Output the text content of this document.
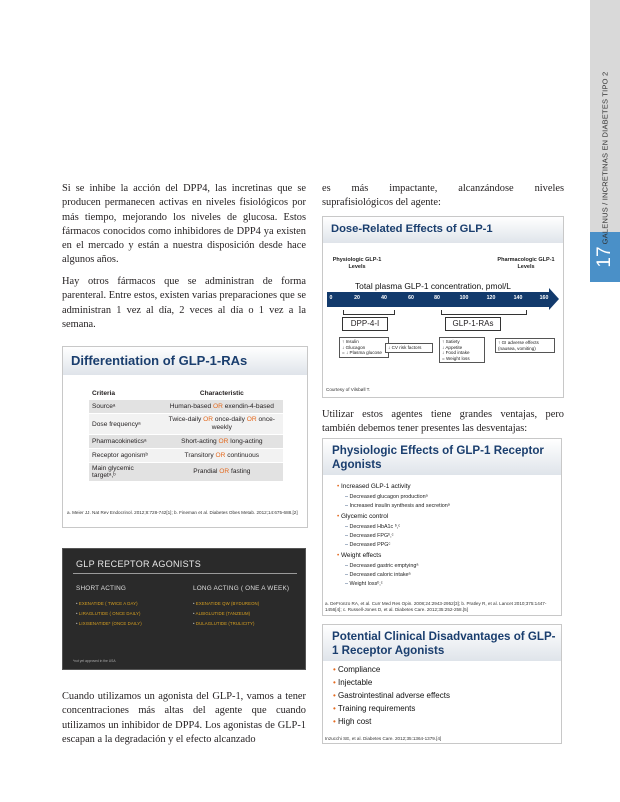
GALENUS / INCRETINAS EN DIABETES TIPO 2
17

Si se inhibe la acción del DPP4, las incretinas que se producen permanecen activas en niveles fisiológicos por más tiempo, mejorando los niveles de glucosa. Estos fármacos conocidos como inhibidores de DPP4 ya existen en el mercado y están a nuestra disposición desde hace algunos años.

Hay otros fármacos que se administran de forma parenteral. Entre estos, existen varias preparaciones que se administran 1 vez al día, 2 veces al día o 1 vez a la semana.

Cuando utilizamos un agonista del GLP-1, vamos a tener concentraciones más altas del agente que cuando utilizamos un inhibidor de DPP4. Los agonistas de GLP-1 escapan a la degradación y el efecto alcanzado

es más impactante, alcanzándose niveles suprafisiológicos del agente:

Utilizar estos agentes tiene grandes ventajas, pero también debemos tener presentes las desventajas:

Differentiation of GLP-1-RAs
Criteria	Characteristic
Sourceᵃ	Human-based OR exendin-4-based
Dose frequencyᵃ	Twice-daily OR once-daily OR once-weekly
Pharmacokineticsᵃ	Short-acting OR long-acting
Receptor agonismᵇ	Transitory OR continuous
Main glycemic targetᵃ,ᵇ	Prandial OR fasting
a. Meier JJ. Nat Rev Endocrinol. 2012;8:728-742[1]; b. Fineman et al. Diabetes Obes Metab. 2012;14:675-688.[2]
GLP RECEPTOR AGONISTS
SHORT ACTING	LONG ACTING ( ONE A WEEK)
• EXENATIDE ( TWICE A DAY)
• LIRAGLUTIDE ( ONCE DAILY)
• LIXISENATIDE* (ONCE DAILY)
• EXENATIDE QW (BYDUREON)
• ALBIGLUTIDE (TANZEUM)
• DULAGLUTIDE (TRULICITY)
*not yet approved in the USA
Dose-Related Effects of GLP-1
Physiologic GLP-1 Levels
Pharmacologic GLP-1 Levels
Total plasma GLP-1 concentration, pmol/L
0	20	40	60	80	100	120	140	160
DPP-4-I	GLP-1-RAs
↑ Insulin
↓ Glucagon
= ↓ Plasma glucose
↓ CV risk factors
↑ Satiety
↓ Appetite
↓ Food intake
= Weight loss
↑ GI adverse effects
(nausea, vomiting)
Courtesy of Vilsbøll T.
Physiologic Effects of GLP-1 Receptor Agonists
• Increased GLP-1 activity
– Decreased glucagon productionᵃ
– Increased insulin synthesis and secretionᵃ
• Glycemic control
– Decreased HbA1c ᵇ,ᶜ
– Decreased FPGᵇ,ᶜ
– Decreased PPGᶜ
• Weight effects
– Decreased gastric emptyingᵃ
– Decreased caloric intakeᵃ
– Weight lossᵇ,ᶜ
a. DeFronzo RA, et al. Curr Med Res Opin. 2008;24:2943-2952[3]; b. Pratley R, et al. Lancet 2010;375:1447-1456[4]; c. Russell-Jones D, et al. Diabetes Care. 2012;35:252-258.[5]
Potential Clinical Disadvantages of GLP-1 Receptor Agonists
• Compliance
• Injectable
• Gastrointestinal adverse effects
• Training requirements
• High cost
Inzucchi SE, et al. Diabetes Care. 2012;35:1364-1379.[4]
